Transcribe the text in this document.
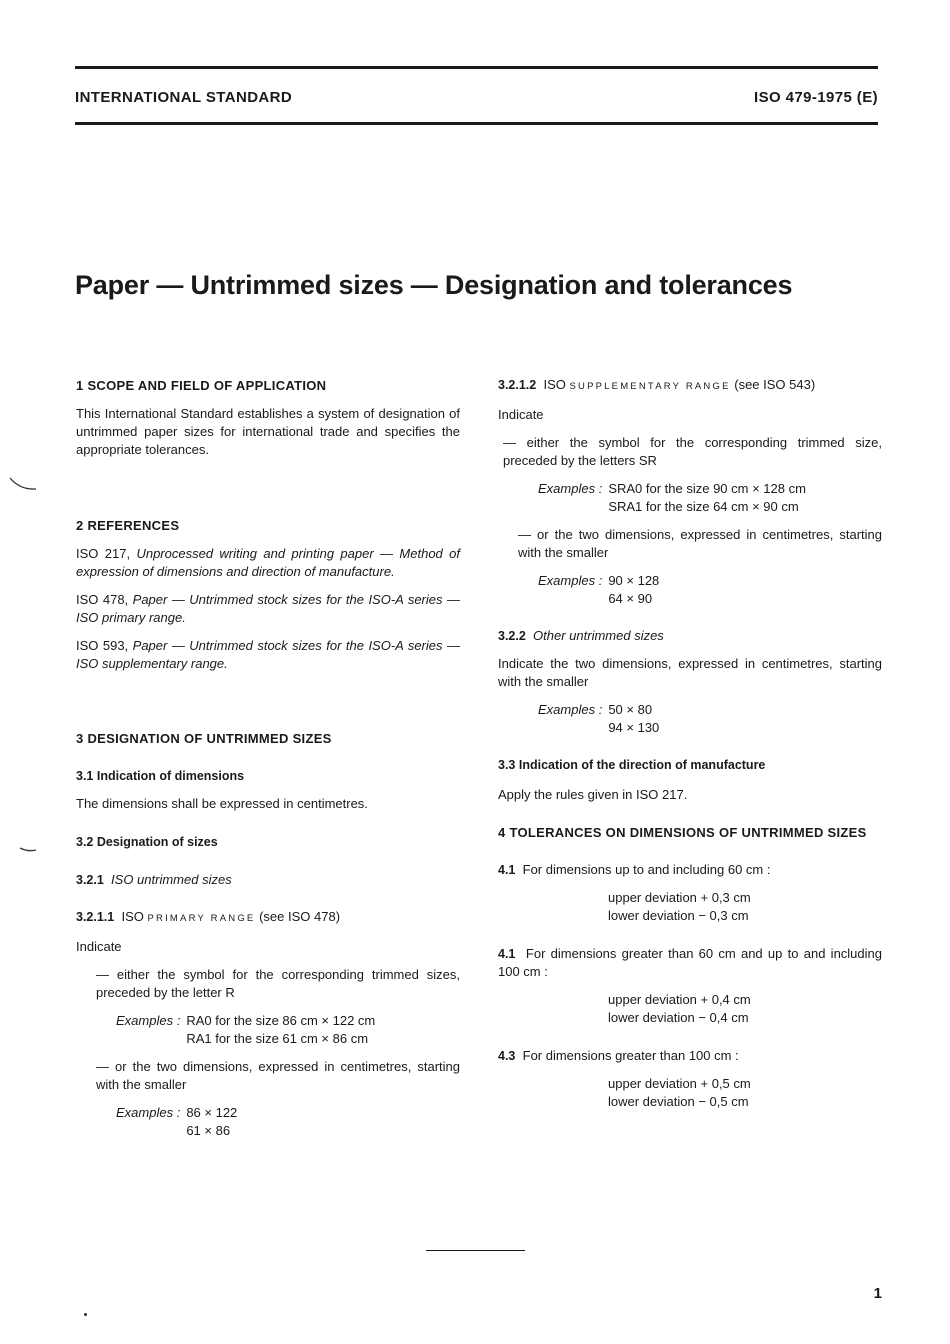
INTERNATIONAL STANDARD	ISO 479-1975 (E)
Paper — Untrimmed sizes — Designation and tolerances

1 SCOPE AND FIELD OF APPLICATION

This International Standard establishes a system of designation of untrimmed paper sizes for international trade and specifies the appropriate tolerances.

2 REFERENCES

ISO 217, Unprocessed writing and printing paper — Method of expression of dimensions and direction of manufacture.

ISO 478, Paper — Untrimmed stock sizes for the ISO-A series — ISO primary range.

ISO 593, Paper — Untrimmed stock sizes for the ISO-A series — ISO supplementary range.

3 DESIGNATION OF UNTRIMMED SIZES

3.1 Indication of dimensions

The dimensions shall be expressed in centimetres.

3.2 Designation of sizes

3.2.1 ISO untrimmed sizes

3.2.1.1 ISO PRIMARY RANGE (see ISO 478)

Indicate

— either the symbol for the corresponding trimmed sizes, preceded by the letter R

Examples : RA0 for the size 86 cm × 122 cm
RA1 for the size 61 cm × 86 cm

— or the two dimensions, expressed in centimetres, starting with the smaller

Examples : 86 × 122
61 × 86

3.2.1.2 ISO SUPPLEMENTARY RANGE (see ISO 543)

Indicate

— either the symbol for the corresponding trimmed size, preceded by the letters SR

Examples : SRA0 for the size 90 cm × 128 cm
SRA1 for the size 64 cm × 90 cm

— or the two dimensions, expressed in centimetres, starting with the smaller

Examples : 90 × 128
64 × 90

3.2.2 Other untrimmed sizes

Indicate the two dimensions, expressed in centimetres, starting with the smaller

Examples : 50 × 80
94 × 130

3.3 Indication of the direction of manufacture

Apply the rules given in ISO 217.

4 TOLERANCES ON DIMENSIONS OF UNTRIMMED SIZES

4.1 For dimensions up to and including 60 cm :

upper deviation + 0,3 cm
lower deviation − 0,3 cm

4.1 For dimensions greater than 60 cm and up to and including 100 cm :

upper deviation + 0,4 cm
lower deviation − 0,4 cm

4.3 For dimensions greater than 100 cm :

upper deviation + 0,5 cm
lower deviation − 0,5 cm
1
